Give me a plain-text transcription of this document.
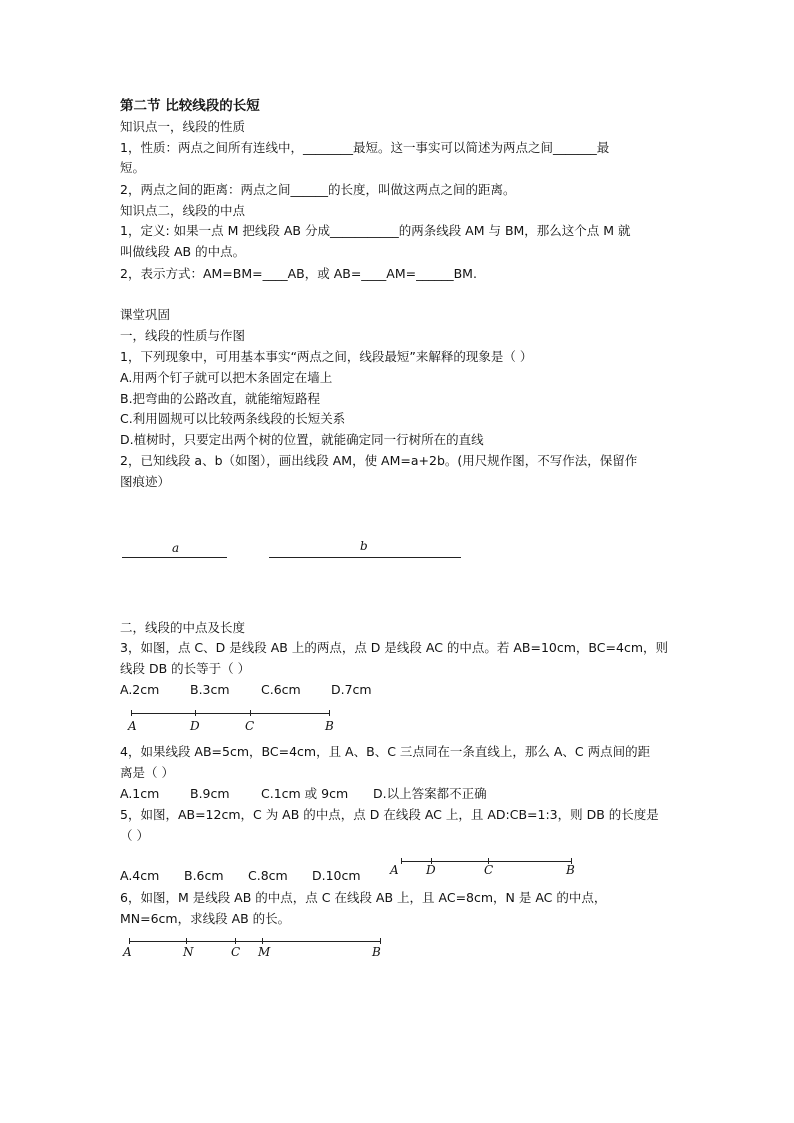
第二节 比较线段的长短
知识点一，线段的性质
1，性质：两点之间所有连线中，________最短。这一事实可以简述为两点之间_______最
短。
2，两点之间的距离：两点之间______的长度，叫做这两点之间的距离。
知识点二，线段的中点
1，定义: 如果一点 M 把线段 AB 分成___________的两条线段 AM 与 BM，那么这个点 M 就
叫做线段 AB 的中点。
2，表示方式：AM=BM=____AB，或 AB=____AM=______BM.
课堂巩固
一，线段的性质与作图
1，下列现象中，可用基本事实“两点之间，线段最短”来解释的现象是（ ）
A.用两个钉子就可以把木条固定在墙上
B.把弯曲的公路改直，就能缩短路程
C.利用圆规可以比较两条线段的长短关系
D.植树时，只要定出两个树的位置，就能确定同一行树所在的直线
2，已知线段 a、b（如图），画出线段 AM，使 AM=a+2b。(用尺规作图，不写作法，保留作
图痕迹）
a	b
二，线段的中点及长度
3，如图，点 C、D 是线段 AB 上的两点，点 D 是线段 AC 的中点。若 AB=10cm，BC=4cm，则
线段 DB 的长等于（ ）
A.2cm B.3cm	C.6cm D.7cm
A	D	C	B
4，如果线段 AB=5cm，BC=4cm，且 A、B、C 三点同在一条直线上，那么 A、C 两点间的距
离是（ ）
A.1cm B.9cm	C.1cm 或 9cm D.以上答案都不正确
5，如图，AB=12cm，C 为 AB 的中点，点 D 在线段 AC 上，且 AD:CB=1:3，则 DB 的长度是
（ ）
A.4cm B.6cm C.8cm D.10cm A D	C	B
6，如图，M 是线段 AB 的中点，点 C 在线段 AB 上，且 AC=8cm，N 是 AC 的中点，
MN=6cm，求线段 AB 的长。
A	N	C M	B
